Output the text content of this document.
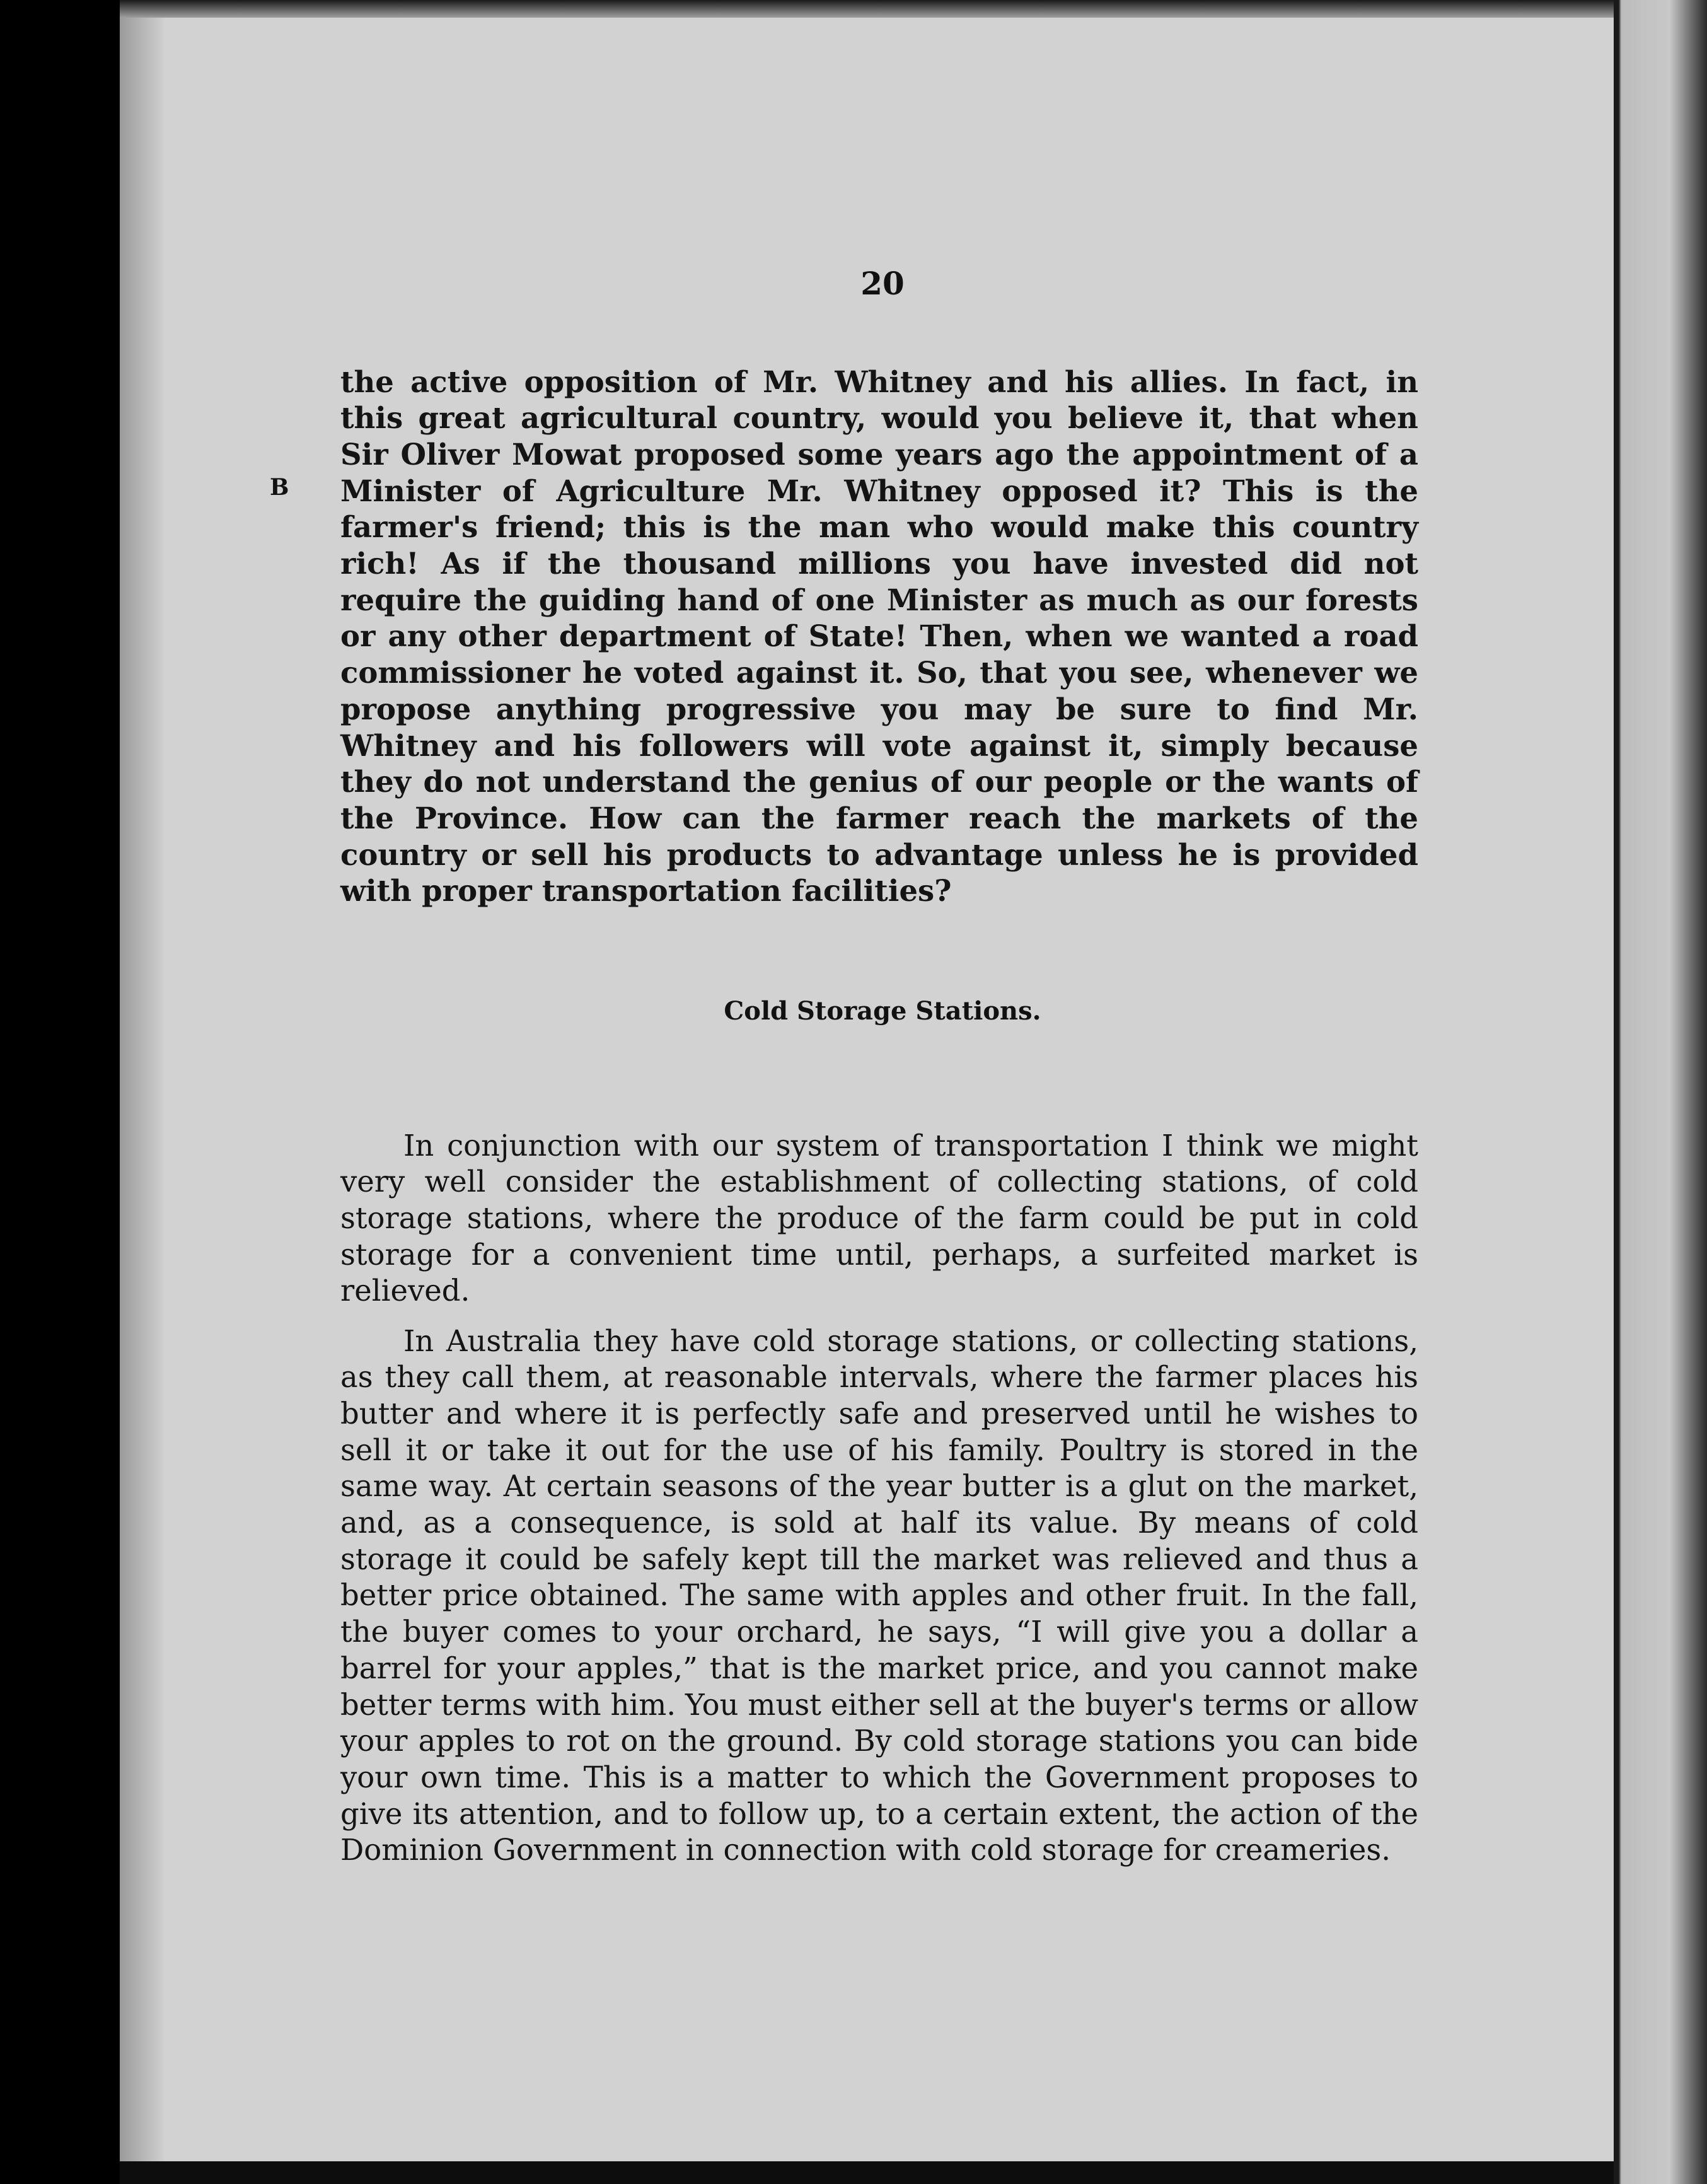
20
B

the active opposition of Mr. Whitney and his allies. In fact, in this great agricultural country, would you believe it, that when Sir Oliver Mowat proposed some years ago the appointment of a Minister of Agriculture Mr. Whitney opposed it? This is the farmer's friend; this is the man who would make this country rich! As if the thousand millions you have invested did not require the guiding hand of one Minister as much as our forests or any other department of State! Then, when we wanted a road commissioner he voted against it. So, that you see, whenever we propose anything progressive you may be sure to find Mr. Whitney and his followers will vote against it, simply because they do not understand the genius of our people or the wants of the Province. How can the farmer reach the markets of the country or sell his products to advantage unless he is provided with proper transportation facilities?

Cold Storage Stations.

In conjunction with our system of transportation I think we might very well consider the establishment of collecting stations, of cold storage stations, where the produce of the farm could be put in cold storage for a convenient time until, perhaps, a surfeited market is relieved.

In Australia they have cold storage stations, or collecting stations, as they call them, at reasonable intervals, where the farmer places his butter and where it is perfectly safe and preserved until he wishes to sell it or take it out for the use of his family. Poultry is stored in the same way. At certain seasons of the year butter is a glut on the market, and, as a consequence, is sold at half its value. By means of cold storage it could be safely kept till the market was relieved and thus a better price obtained. The same with apples and other fruit. In the fall, the buyer comes to your orchard, he says, “I will give you a dollar a barrel for your apples,” that is the market price, and you cannot make better terms with him. You must either sell at the buyer's terms or allow your apples to rot on the ground. By cold storage stations you can bide your own time. This is a matter to which the Government proposes to give its attention, and to follow up, to a certain extent, the action of the Dominion Government in connection with cold storage for creameries.
